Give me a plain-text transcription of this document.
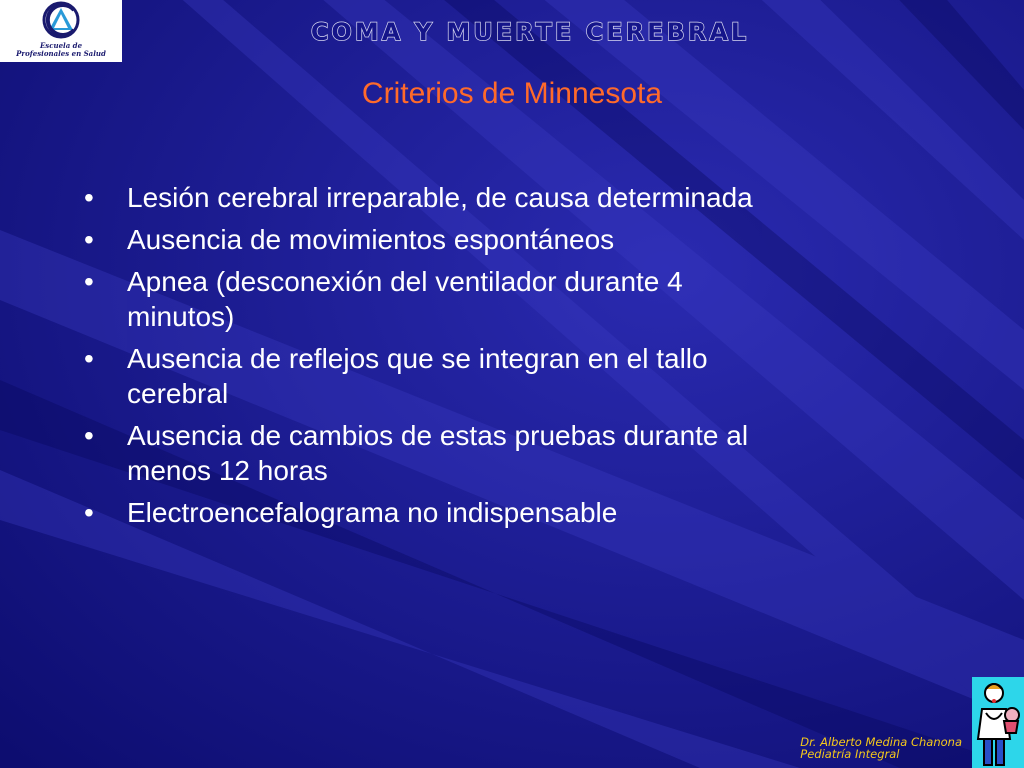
Escuela de
Profesionales en Salud
COMA Y MUERTE CEREBRAL
Criterios de Minnesota
• Lesión cerebral irreparable, de causa determinada
• Ausencia de movimientos espontáneos
• Apnea (desconexión del ventilador durante 4
minutos)
• Ausencia de reflejos que se integran en el tallo
cerebral
• Ausencia de cambios de estas pruebas durante al
menos 12 horas
• Electroencefalograma no indispensable
Dr. Alberto Medina Chanona
Pediatría Integral
